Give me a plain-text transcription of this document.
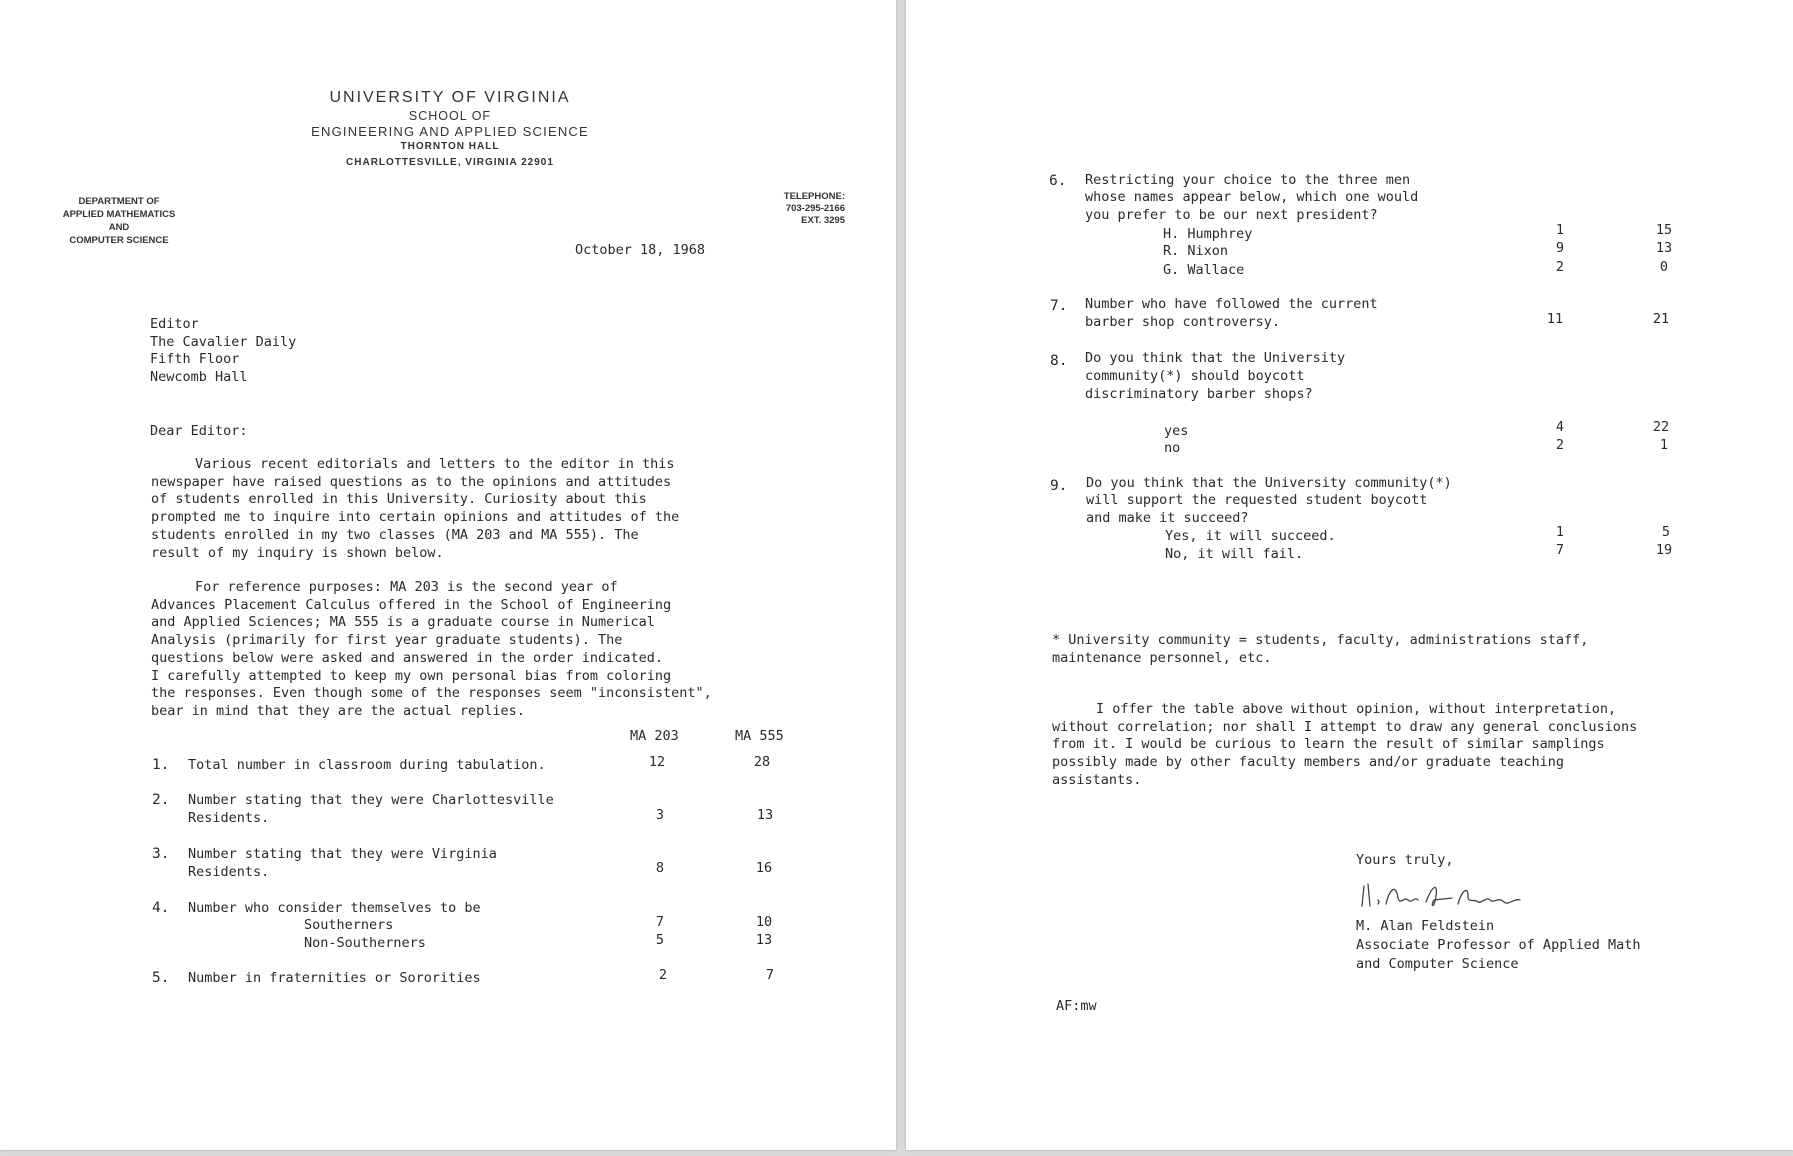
UNIVERSITY OF VIRGINIA
SCHOOL OF
ENGINEERING AND APPLIED SCIENCE
THORNTON HALL
CHARLOTTESVILLE, VIRGINIA 22901
DEPARTMENT OF
APPLIED MATHEMATICS
AND
COMPUTER SCIENCE
TELEPHONE:
703-295-2166
EXT. 3295
October 18, 1968
Editor
The Cavalier Daily
Fifth Floor
Newcomb Hall
Dear Editor:
Various recent editorials and letters to the editor in this
newspaper have raised questions as to the opinions and attitudes
of students enrolled in this University. Curiosity about this
prompted me to inquire into certain opinions and attitudes of the
students enrolled in my two classes (MA 203 and MA 555). The
result of my inquiry is shown below.
For reference purposes: MA 203 is the second year of
Advances Placement Calculus offered in the School of Engineering
and Applied Sciences; MA 555 is a graduate course in Numerical
Analysis (primarily for first year graduate students). The
questions below were asked and answered in the order indicated.
I carefully attempted to keep my own personal bias from coloring
the responses. Even though some of the responses seem "inconsistent",
bear in mind that they are the actual replies.
MA 203	MA 555
1. Total number in classroom during tabulation.	12	28
2. Number stating that they were Charlottesville
Residents.	3	13
3. Number stating that they were Virginia
Residents.	8	16
4. Number who consider themselves to be
Southerners	7	10
Non-Southerners	5	13
5. Number in fraternities or Sororities	2	7
6. Restricting your choice to the three men
whose names appear below, which one would
you prefer to be our next president?
H. Humphrey	1	15
R. Nixon	9	13
G. Wallace	2	0
7. Number who have followed the current
barber shop controversy.	11	21
8. Do you think that the University
community(*) should boycott
discriminatory barber shops?
yes	4	22
no	2	1
9. Do you think that the University community(*)
will support the requested student boycott
and make it succeed?
Yes, it will succeed.	1	5
No, it will fail.	7	19
* University community = students, faculty, administrations staff,
maintenance personnel, etc.
I offer the table above without opinion, without interpretation,
without correlation; nor shall I attempt to draw any general conclusions
from it. I would be curious to learn the result of similar samplings
possibly made by other faculty members and/or graduate teaching
assistants.
Yours truly,
M. Alan Feldstein
Associate Professor of Applied Math
and Computer Science
AF:mw
